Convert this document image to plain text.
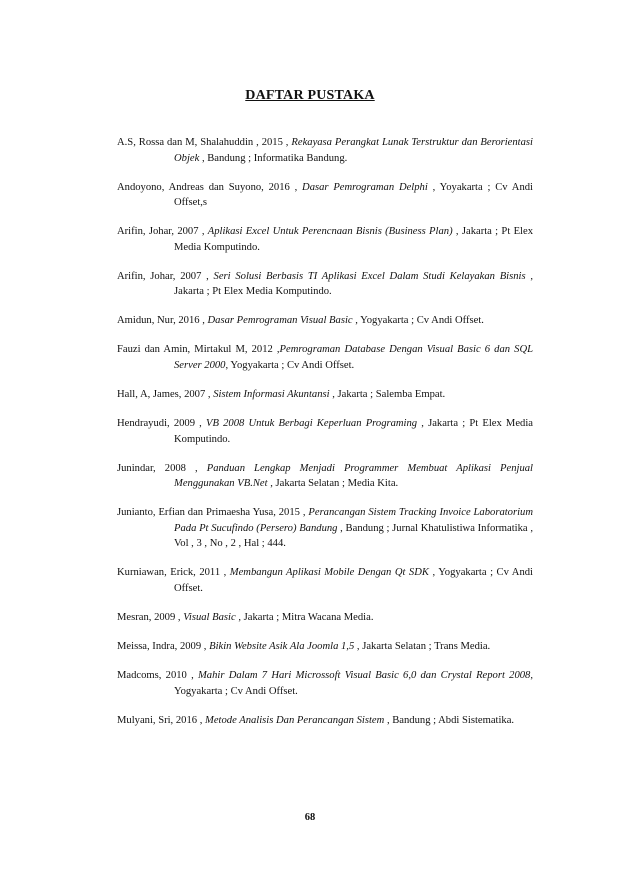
DAFTAR PUSTAKA

A.S, Rossa dan M, Shalahuddin , 2015 , Rekayasa Perangkat Lunak Terstruktur dan Berorientasi Objek , Bandung ; Informatika Bandung.

Andoyono, Andreas dan Suyono, 2016 , Dasar Pemrograman Delphi , Yoyakarta ; Cv Andi Offset,s

Arifin, Johar, 2007 , Aplikasi Excel Untuk Perencnaan Bisnis (Business Plan) , Jakarta ; Pt Elex Media Komputindo.

Arifin, Johar, 2007 , Seri Solusi Berbasis TI Aplikasi Excel Dalam Studi Kelayakan Bisnis , Jakarta ; Pt Elex Media Komputindo.

Amidun, Nur, 2016 , Dasar Pemrograman Visual Basic , Yogyakarta ; Cv Andi Offset.

Fauzi dan Amin, Mirtakul M, 2012 ,Pemrograman Database Dengan Visual Basic 6 dan SQL Server 2000, Yogyakarta ; Cv Andi Offset.

Hall, A, James, 2007 , Sistem Informasi Akuntansi , Jakarta ; Salemba Empat.

Hendrayudi, 2009 , VB 2008 Untuk Berbagi Keperluan Programing , Jakarta ; Pt Elex Media Komputindo.

Junindar, 2008 , Panduan Lengkap Menjadi Programmer Membuat Aplikasi Penjual Menggunakan VB.Net , Jakarta Selatan ; Media Kita.

Junianto, Erfian dan Primaesha Yusa, 2015 , Perancangan Sistem Tracking Invoice Laboratorium Pada Pt Sucufindo (Persero) Bandung , Bandung ; Jurnal Khatulistiwa Informatika , Vol , 3 , No , 2 , Hal ; 444.

Kurniawan, Erick, 2011 , Membangun Aplikasi Mobile Dengan Qt SDK , Yogyakarta ; Cv Andi Offset.

Mesran, 2009 , Visual Basic , Jakarta ; Mitra Wacana Media.

Meissa, Indra, 2009 , Bikin Website Asik Ala Joomla 1,5 , Jakarta Selatan ; Trans Media.

Madcoms, 2010 , Mahir Dalam 7 Hari Microssoft Visual Basic 6,0 dan Crystal Report 2008, Yogyakarta ; Cv Andi Offset.

Mulyani, Sri, 2016 , Metode Analisis Dan Perancangan Sistem , Bandung ; Abdi Sistematika.

68
